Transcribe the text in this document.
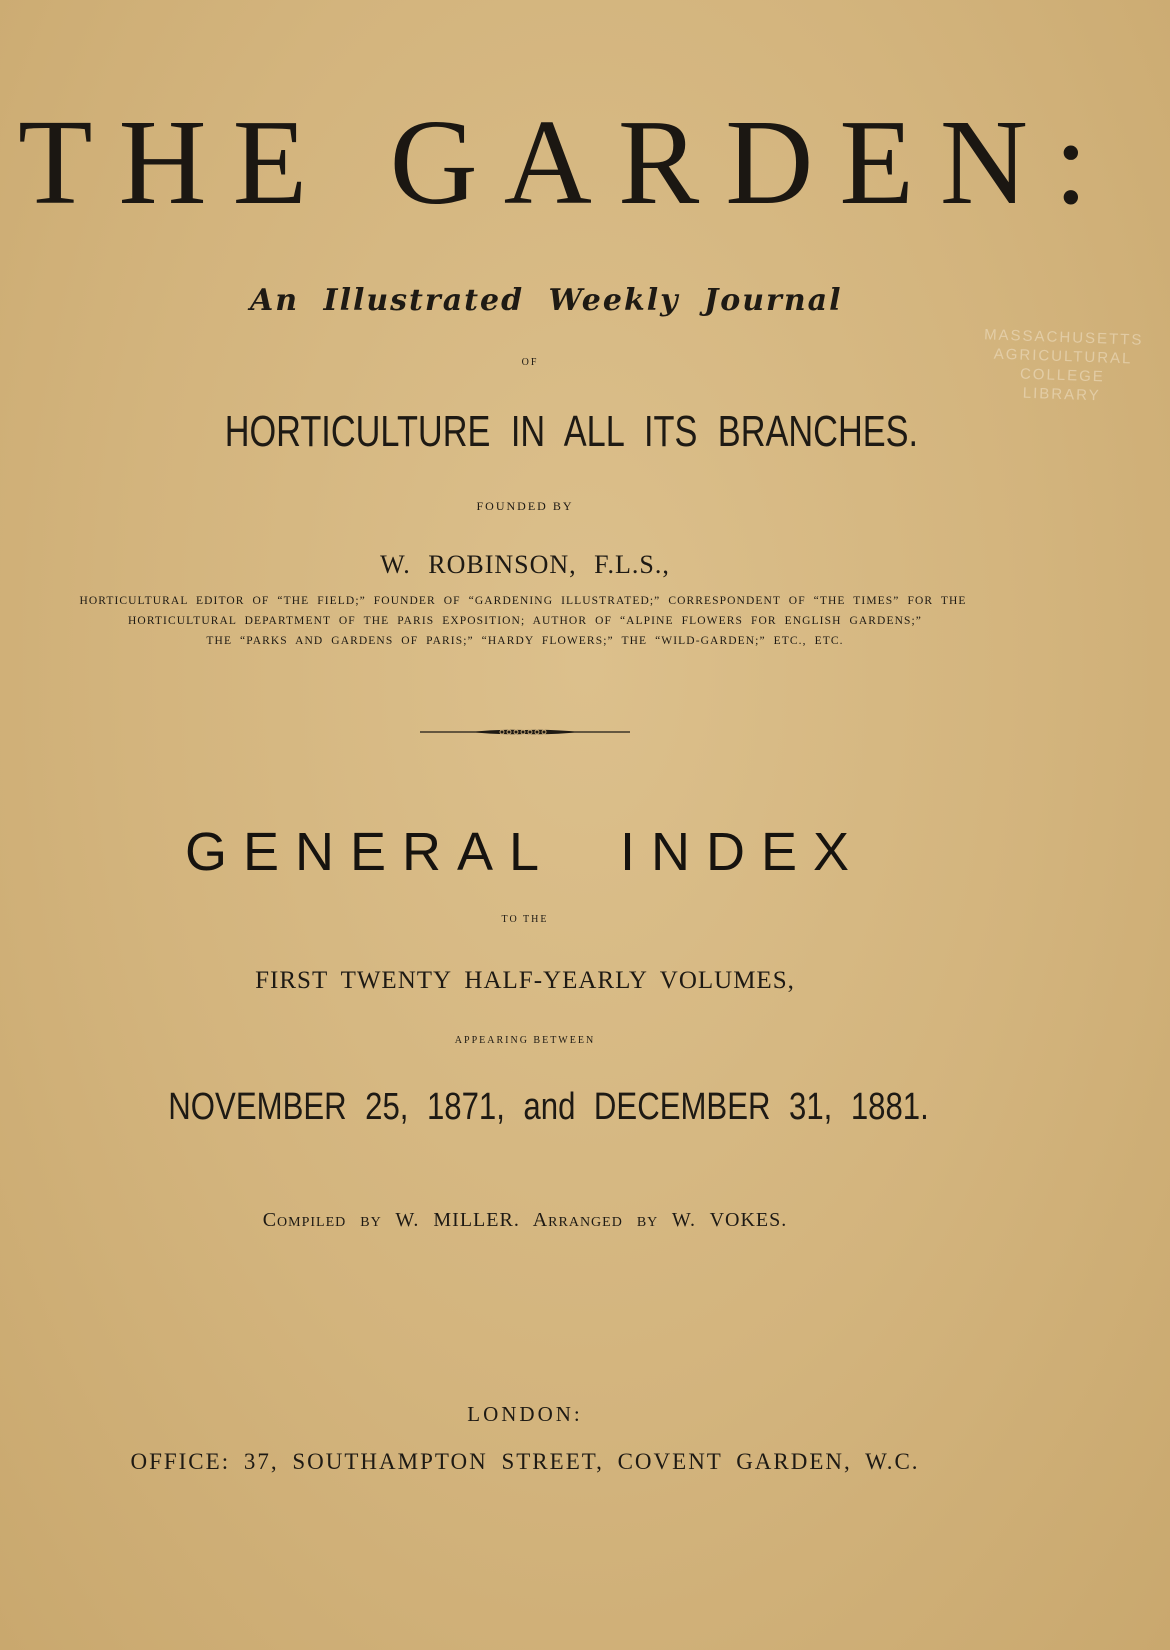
THE GARDEN:
An Illustrated Weekly Journal
OF
HORTICULTURE IN ALL ITS BRANCHES.
FOUNDED BY
W. ROBINSON, F.L.S.,
HORTICULTURAL EDITOR OF “THE FIELD;” FOUNDER OF “GARDENING ILLUSTRATED;” CORRESPONDENT OF “THE TIMES” FOR THE
HORTICULTURAL DEPARTMENT OF THE PARIS EXPOSITION; AUTHOR OF “ALPINE FLOWERS FOR ENGLISH GARDENS;”
THE “PARKS AND GARDENS OF PARIS;” “HARDY FLOWERS;” THE “WILD-GARDEN;” ETC., ETC.
GENERAL INDEX
TO THE
FIRST TWENTY HALF-YEARLY VOLUMES,
APPEARING BETWEEN
NOVEMBER 25, 1871, and DECEMBER 31, 1881.
Compiled by W. MILLER. Arranged by W. VOKES.
LONDON:
OFFICE: 37, SOUTHAMPTON STREET, COVENT GARDEN, W.C.
MASSACHUSETTS
AGRICULTURAL
COLLEGE
LIBRARY
